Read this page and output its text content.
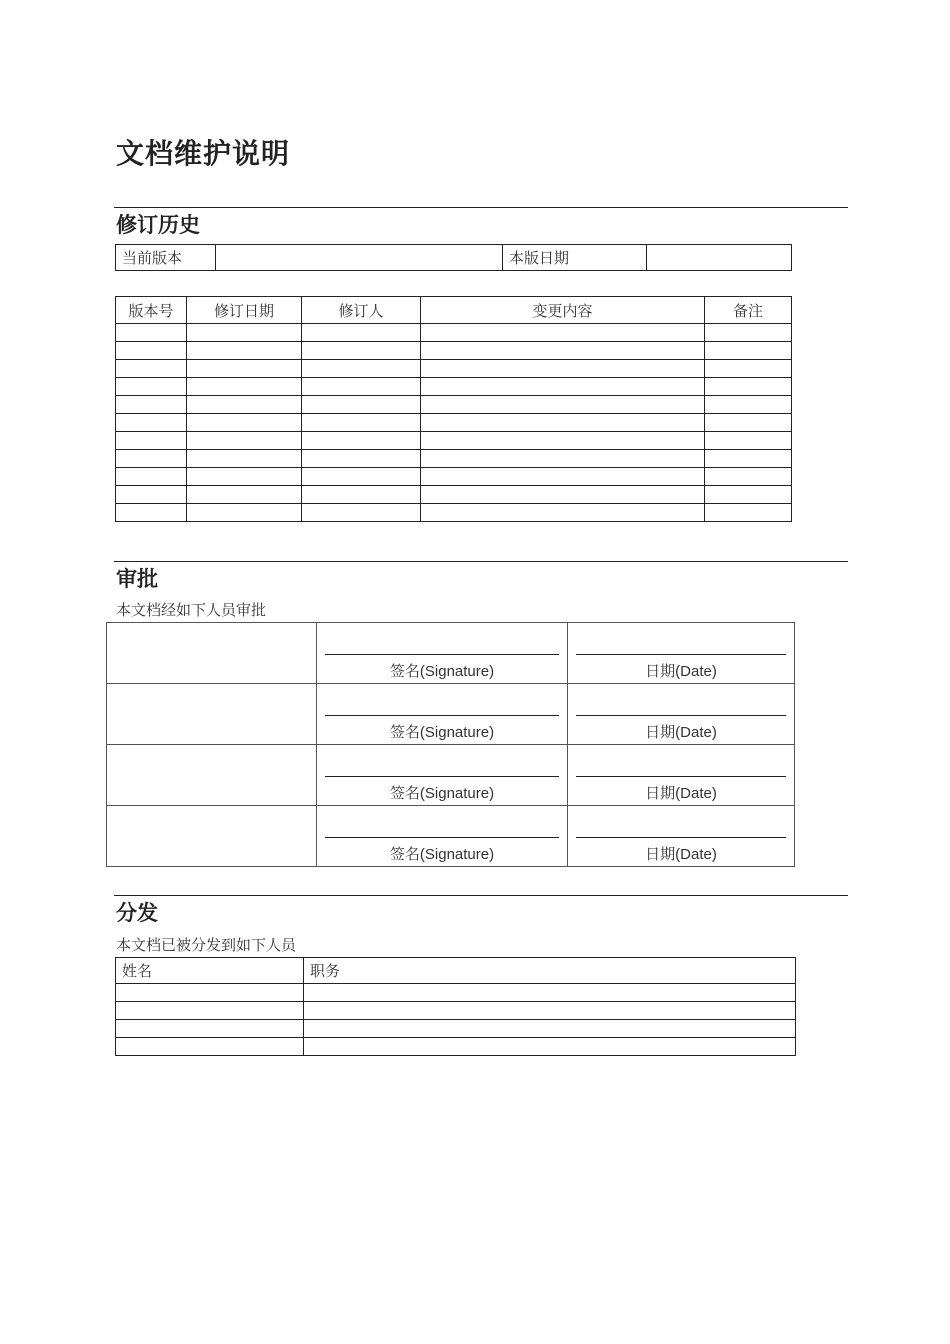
文档维护说明
修订历史
当前版本		本版日期	
版本号	修订日期	修订人	变更内容	备注

审批
本文档经如下人员审批

签名(Signature)	日期(Date)

签名(Signature)	日期(Date)

签名(Signature)	日期(Date)

签名(Signature)	日期(Date)
分发
本文档已被分发到如下人员
姓名	职务
